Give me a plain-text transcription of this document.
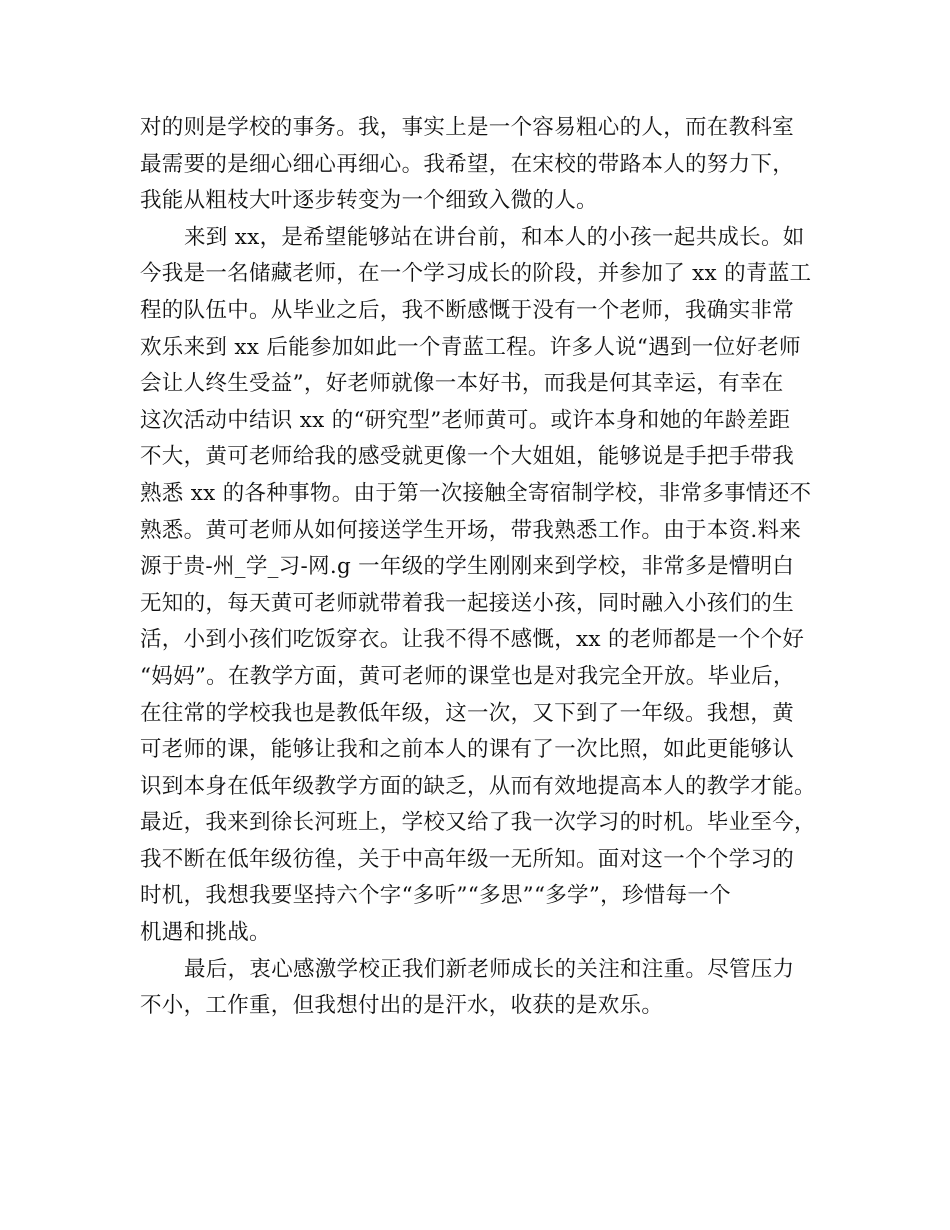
对的则是学校的事务。我，事实上是一个容易粗心的人，而在教科室
最需要的是细心细心再细心。我希望，在宋校的带路本人的努力下，
我能从粗枝大叶逐步转变为一个细致入微的人。
来到 xx，是希望能够站在讲台前，和本人的小孩一起共成长。如
今我是一名储藏老师，在一个学习成长的阶段，并参加了 xx 的青蓝工
程的队伍中。从毕业之后，我不断感慨于没有一个老师，我确实非常
欢乐来到 xx 后能参加如此一个青蓝工程。许多人说“遇到一位好老师
会让人终生受益”，好老师就像一本好书，而我是何其幸运，有幸在
这次活动中结识 xx 的“研究型”老师黄可。或许本身和她的年龄差距
不大，黄可老师给我的感受就更像一个大姐姐，能够说是手把手带我
熟悉 xx 的各种事物。由于第一次接触全寄宿制学校，非常多事情还不
熟悉。黄可老师从如何接送学生开场，带我熟悉工作。由于本资.料来
源于贵-州_学_习-网.g 一年级的学生刚刚来到学校，非常多是懵明白
无知的，每天黄可老师就带着我一起接送小孩，同时融入小孩们的生
活，小到小孩们吃饭穿衣。让我不得不感慨，xx 的老师都是一个个好
“妈妈”。在教学方面，黄可老师的课堂也是对我完全开放。毕业后，
在往常的学校我也是教低年级，这一次，又下到了一年级。我想，黄
可老师的课，能够让我和之前本人的课有了一次比照，如此更能够认
识到本身在低年级教学方面的缺乏，从而有效地提高本人的教学才能。
最近，我来到徐长河班上，学校又给了我一次学习的时机。毕业至今，
我不断在低年级彷徨，关于中高年级一无所知。面对这一个个学习的
时机，我想我要坚持六个字“多听”“多思”“多学”，珍惜每一个
机遇和挑战。
最后，衷心感激学校正我们新老师成长的关注和注重。尽管压力
不小，工作重，但我想付出的是汗水，收获的是欢乐。
